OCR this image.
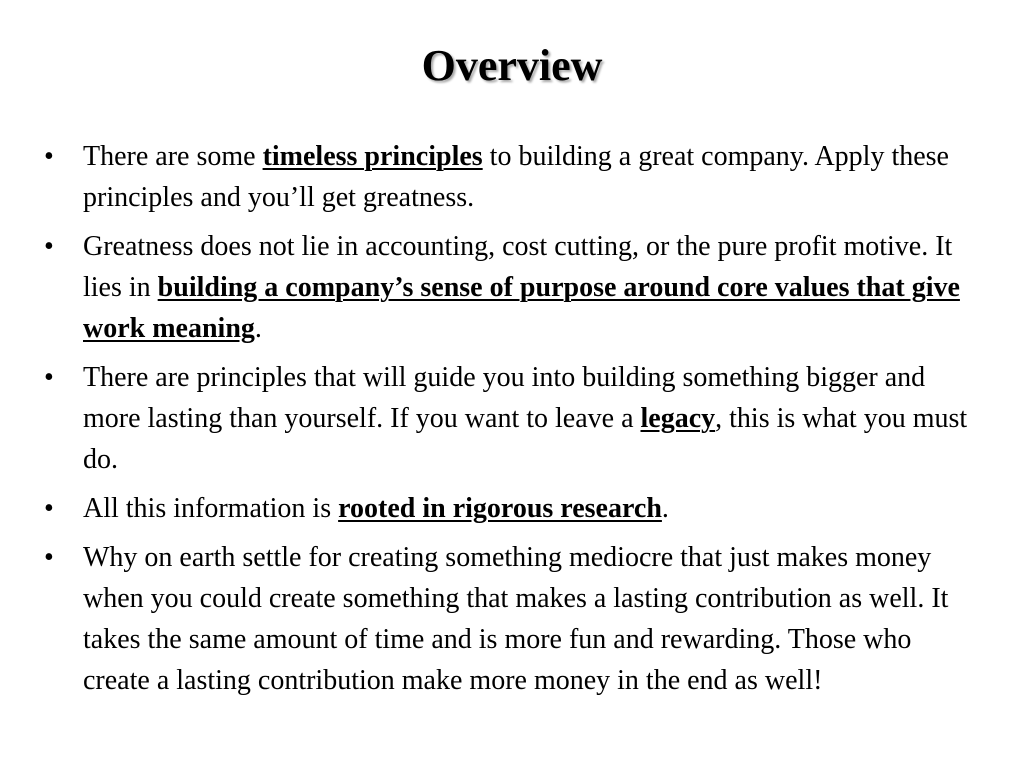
Overview
•	There are some timeless principles to building a great company. Apply these principles and you’ll get greatness.
•	Greatness does not lie in accounting, cost cutting, or the pure profit motive. It lies in building a company’s sense of purpose around core values that give work meaning.
•	There are principles that will guide you into building something bigger and more lasting than yourself. If you want to leave a legacy, this is what you must do.
•	All this information is rooted in rigorous research.
•	Why on earth settle for creating something mediocre that just makes money when you could create something that makes a lasting contribution as well. It takes the same amount of time and is more fun and rewarding. Those who create a lasting contribution make more money in the end as well!
